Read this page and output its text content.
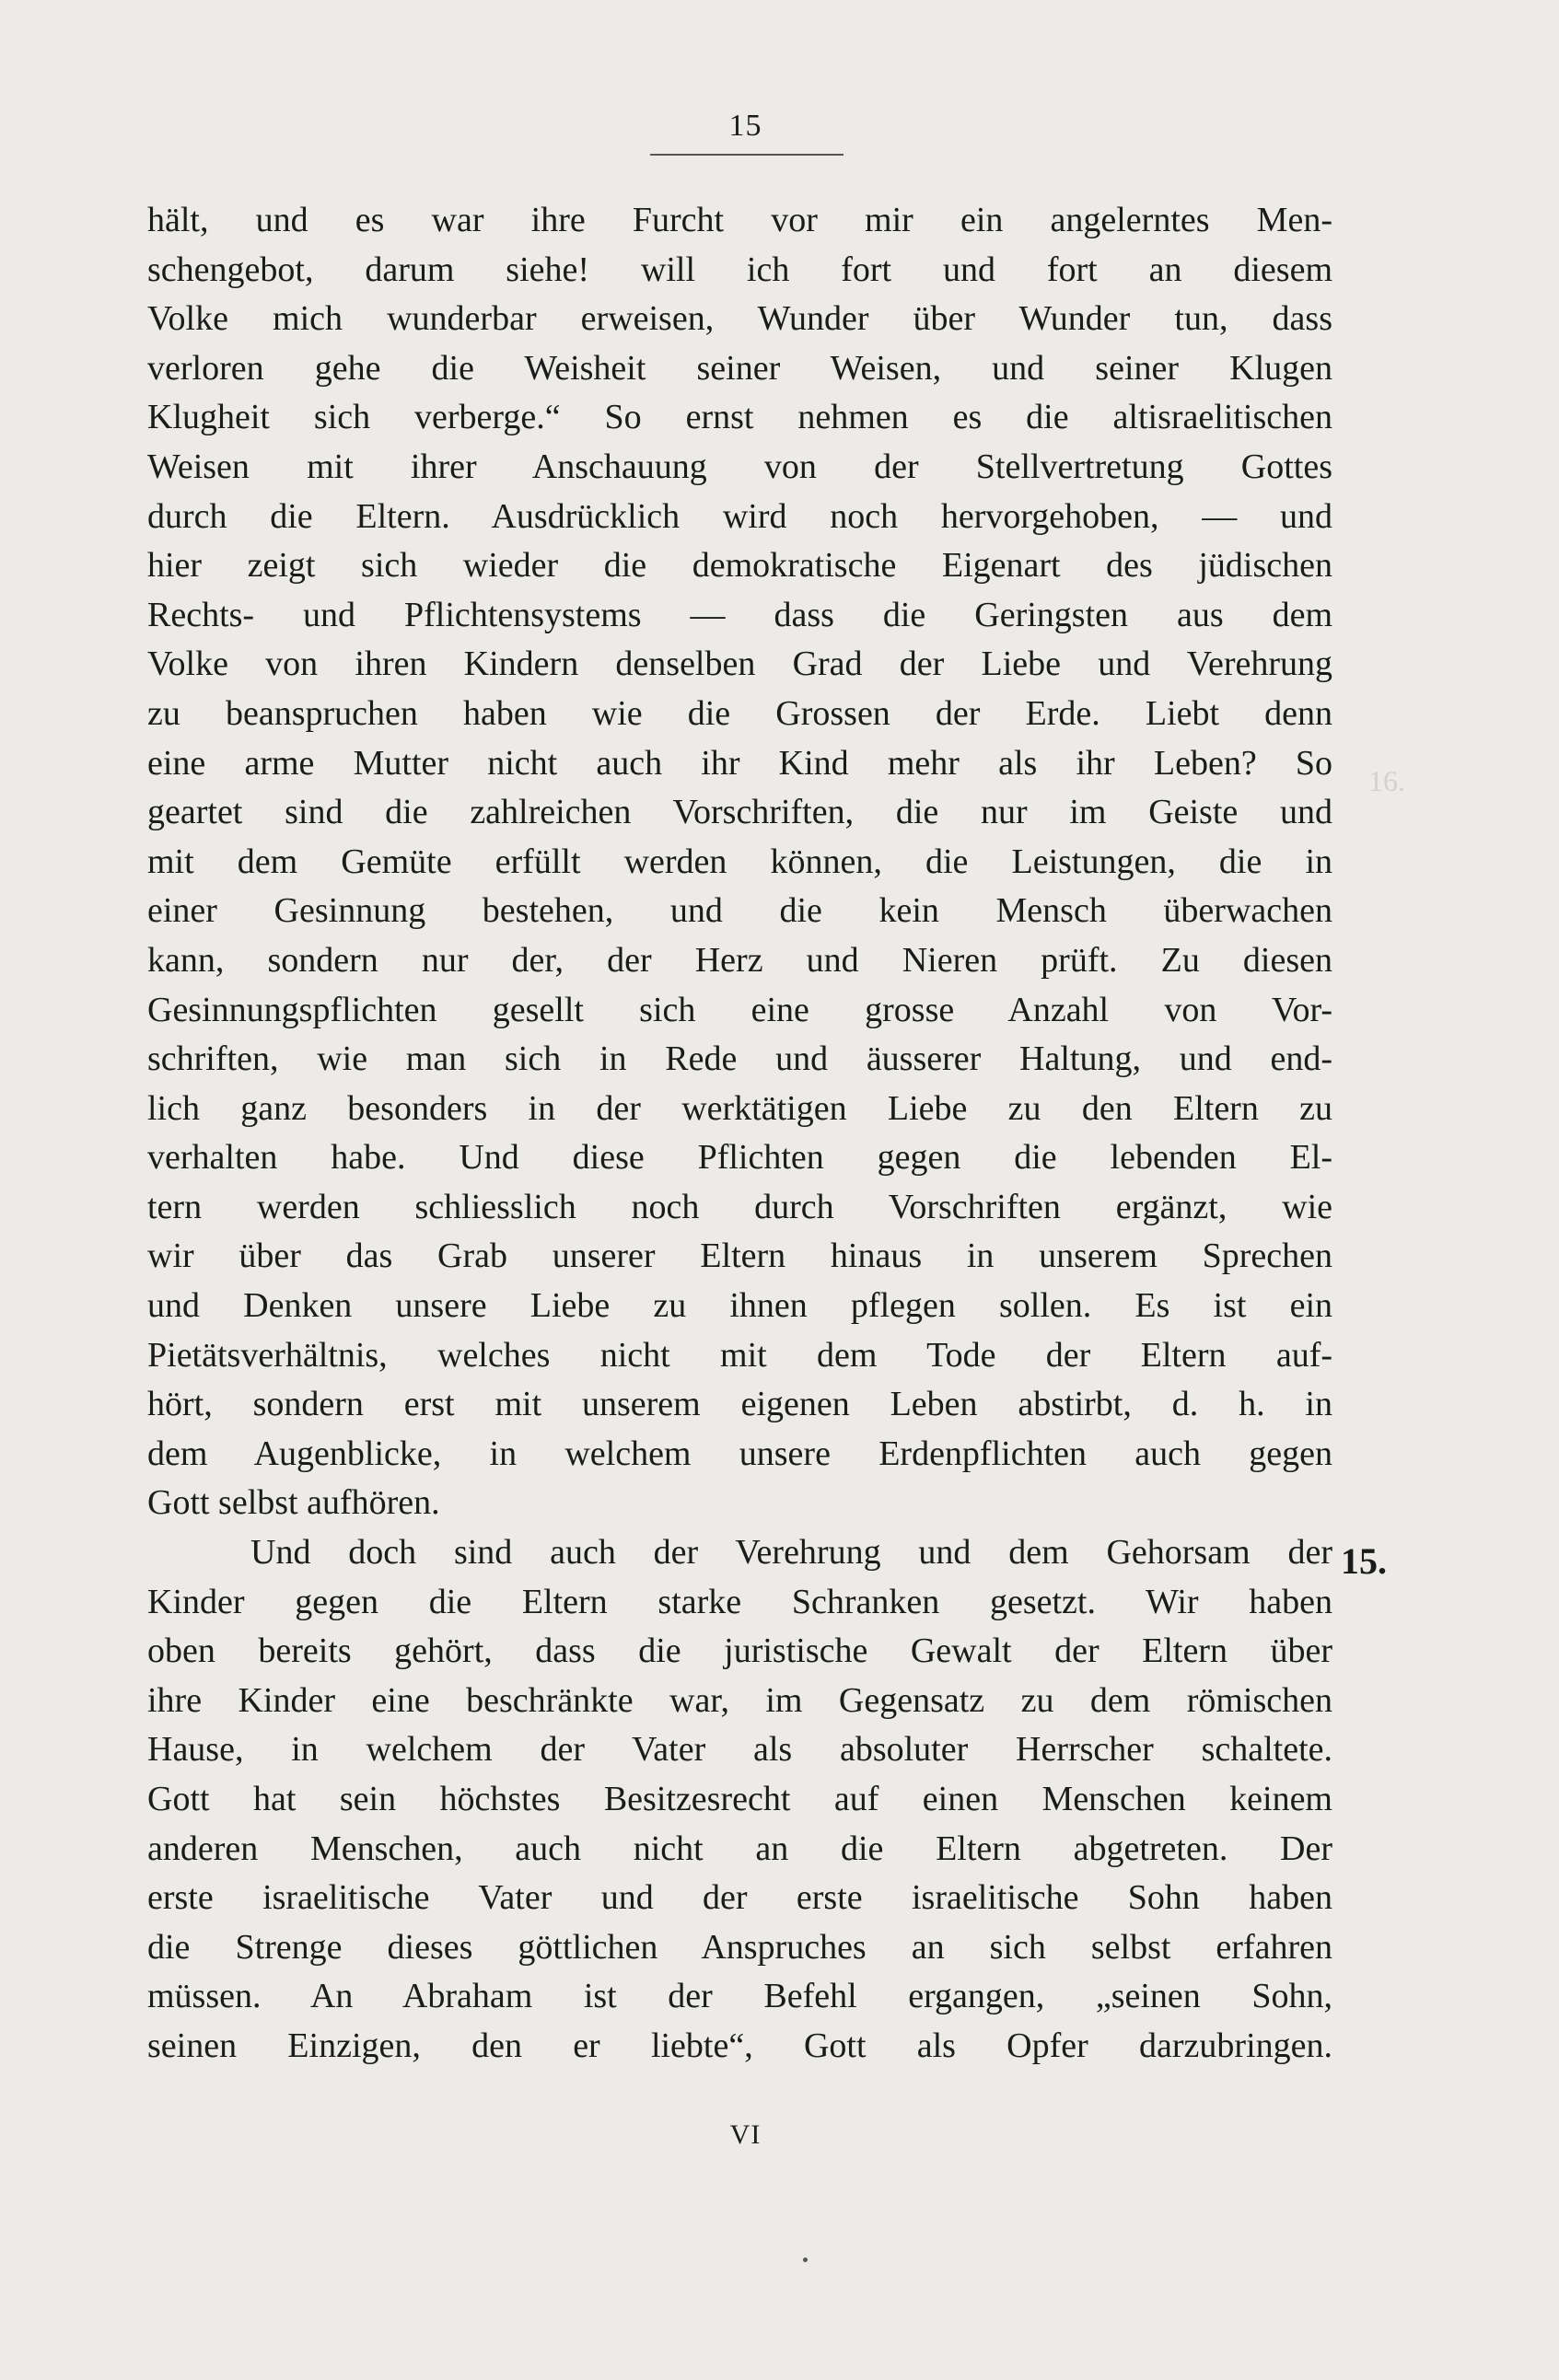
15
hält, und es war ihre Furcht vor mir ein angelerntes Men-
schengebot, darum siehe! will ich fort und fort an diesem
Volke mich wunderbar erweisen, Wunder über Wunder tun, dass
verloren gehe die Weisheit seiner Weisen, und seiner Klugen
Klugheit sich verberge.“ So ernst nehmen es die altisraelitischen
Weisen mit ihrer Anschauung von der Stellvertretung Gottes
durch die Eltern. Ausdrücklich wird noch hervorgehoben, — und
hier zeigt sich wieder die demokratische Eigenart des jüdischen
Rechts- und Pflichtensystems — dass die Geringsten aus dem
Volke von ihren Kindern denselben Grad der Liebe und Verehrung
zu beanspruchen haben wie die Grossen der Erde. Liebt denn
eine arme Mutter nicht auch ihr Kind mehr als ihr Leben? So
geartet sind die zahlreichen Vorschriften, die nur im Geiste und
mit dem Gemüte erfüllt werden können, die Leistungen, die in
einer Gesinnung bestehen, und die kein Mensch überwachen
kann, sondern nur der, der Herz und Nieren prüft. Zu diesen
Gesinnungspflichten gesellt sich eine grosse Anzahl von Vor-
schriften, wie man sich in Rede und äusserer Haltung, und end-
lich ganz besonders in der werktätigen Liebe zu den Eltern zu
verhalten habe. Und diese Pflichten gegen die lebenden El-
tern werden schliesslich noch durch Vorschriften ergänzt, wie
wir über das Grab unserer Eltern hinaus in unserem Sprechen
und Denken unsere Liebe zu ihnen pflegen sollen. Es ist ein
Pietätsverhältnis, welches nicht mit dem Tode der Eltern auf-
hört, sondern erst mit unserem eigenen Leben abstirbt, d. h. in
dem Augenblicke, in welchem unsere Erdenpflichten auch gegen
Gott selbst aufhören.
Und doch sind auch der Verehrung und dem Gehorsam der
Kinder gegen die Eltern starke Schranken gesetzt. Wir haben
oben bereits gehört, dass die juristische Gewalt der Eltern über
ihre Kinder eine beschränkte war, im Gegensatz zu dem römischen
Hause, in welchem der Vater als absoluter Herrscher schaltete.
Gott hat sein höchstes Besitzesrecht auf einen Menschen keinem
anderen Menschen, auch nicht an die Eltern abgetreten. Der
erste israelitische Vater und der erste israelitische Sohn haben
die Strenge dieses göttlichen Anspruches an sich selbst erfahren
müssen. An Abraham ist der Befehl ergangen, „seinen Sohn,
seinen Einzigen, den er liebte“, Gott als Opfer darzubringen.
15.
16.
VI
